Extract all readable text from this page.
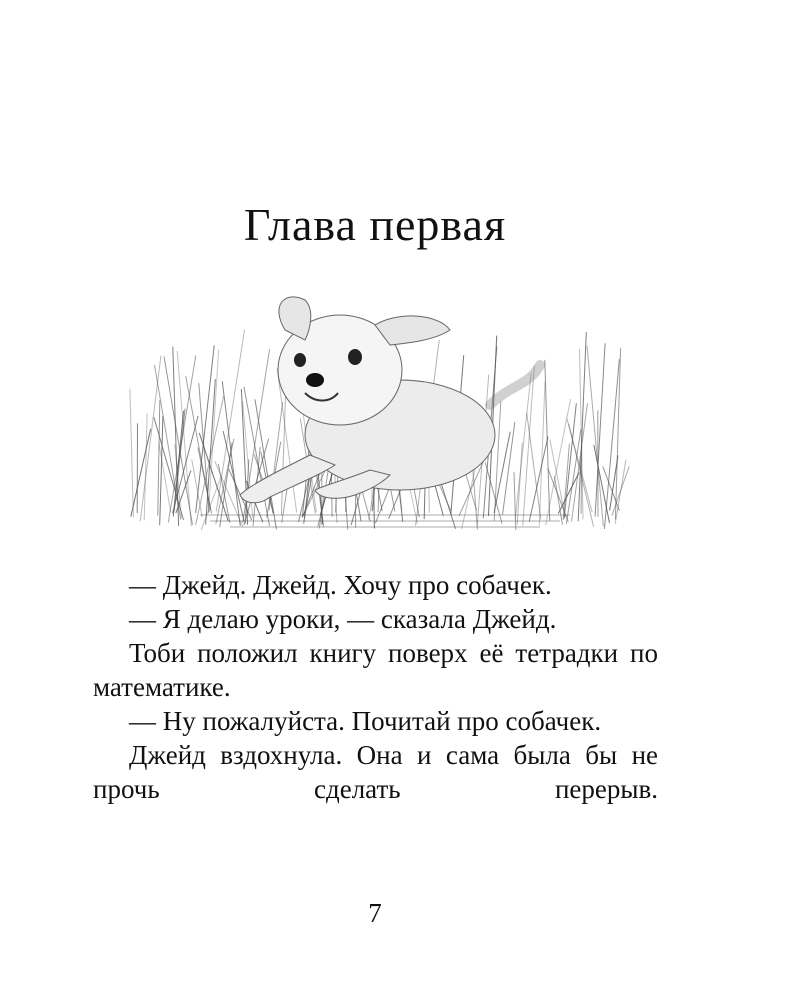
Глава первая

— Джейд. Джейд. Хочу про собачек.

— Я делаю уроки, — сказала Джейд.

Тоби положил книгу поверх её тетрадки по математике.

— Ну пожалуйста. Почитай про собачек.

Джейд вздохнула. Она и сама была бы не прочь сделать перерыв.

7
